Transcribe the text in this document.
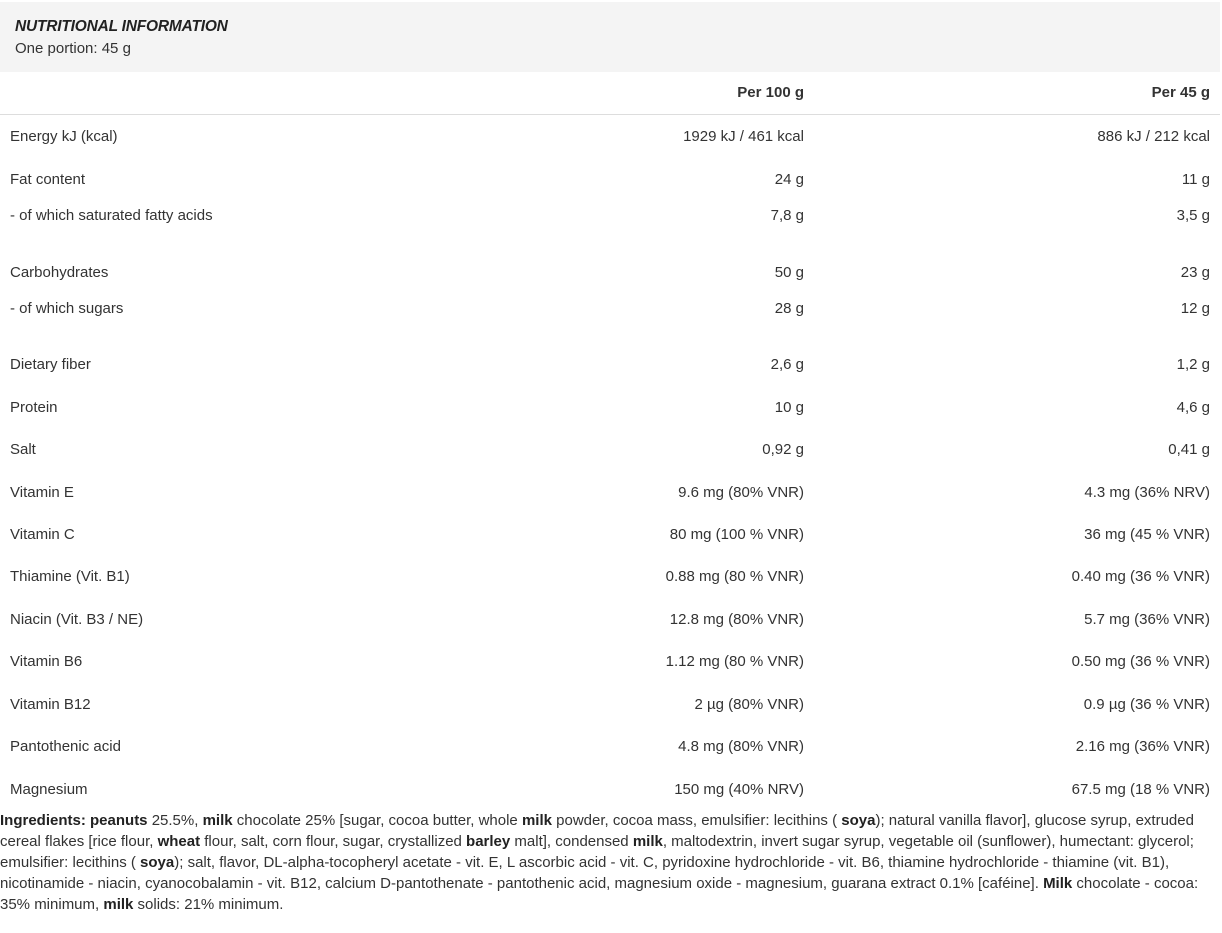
NUTRITIONAL INFORMATION
One portion: 45 g
Per 100 g	Per 45 g
Energy kJ (kcal)	1929 kJ / 461 kcal	886 kJ / 212 kcal
Fat content	24 g	11 g
- of which saturated fatty acids	7,8 g	3,5 g
Carbohydrates	50 g	23 g
- of which sugars	28 g	12 g
Dietary fiber	2,6 g	1,2 g
Protein	10 g	4,6 g
Salt	0,92 g	0,41 g
Vitamin E	9.6 mg (80% VNR)	4.3 mg (36% NRV)
Vitamin C	80 mg (100 % VNR)	36 mg (45 % VNR)
Thiamine (Vit. B1)	0.88 mg (80 % VNR)	0.40 mg (36 % VNR)
Niacin (Vit. B3 / NE)	12.8 mg (80% VNR)	5.7 mg (36% VNR)
Vitamin B6	1.12 mg (80 % VNR)	0.50 mg (36 % VNR)
Vitamin B12	2 µg (80% VNR)	0.9 µg (36 % VNR)
Pantothenic acid	4.8 mg (80% VNR)	2.16 mg (36% VNR)
Magnesium	150 mg (40% NRV)	67.5 mg (18 % VNR)
Ingredients: peanuts 25.5%, milk chocolate 25% [sugar, cocoa butter, whole milk powder, cocoa mass, emulsifier: lecithins ( soya); natural vanilla flavor], glucose syrup, extruded cereal flakes [rice flour, wheat flour, salt, corn flour, sugar, crystallized barley malt], condensed milk, maltodextrin, invert sugar syrup, vegetable oil (sunflower), humectant: glycerol; emulsifier: lecithins ( soya); salt, flavor, DL-alpha-tocopheryl acetate - vit. E, L ascorbic acid - vit. C, pyridoxine hydrochloride - vit. B6, thiamine hydrochloride - thiamine (vit. B1), nicotinamide - niacin, cyanocobalamin - vit. B12, calcium D-pantothenate - pantothenic acid, magnesium oxide - magnesium, guarana extract 0.1% [caféine]. Milk chocolate - cocoa: 35% minimum, milk solids: 21% minimum.
